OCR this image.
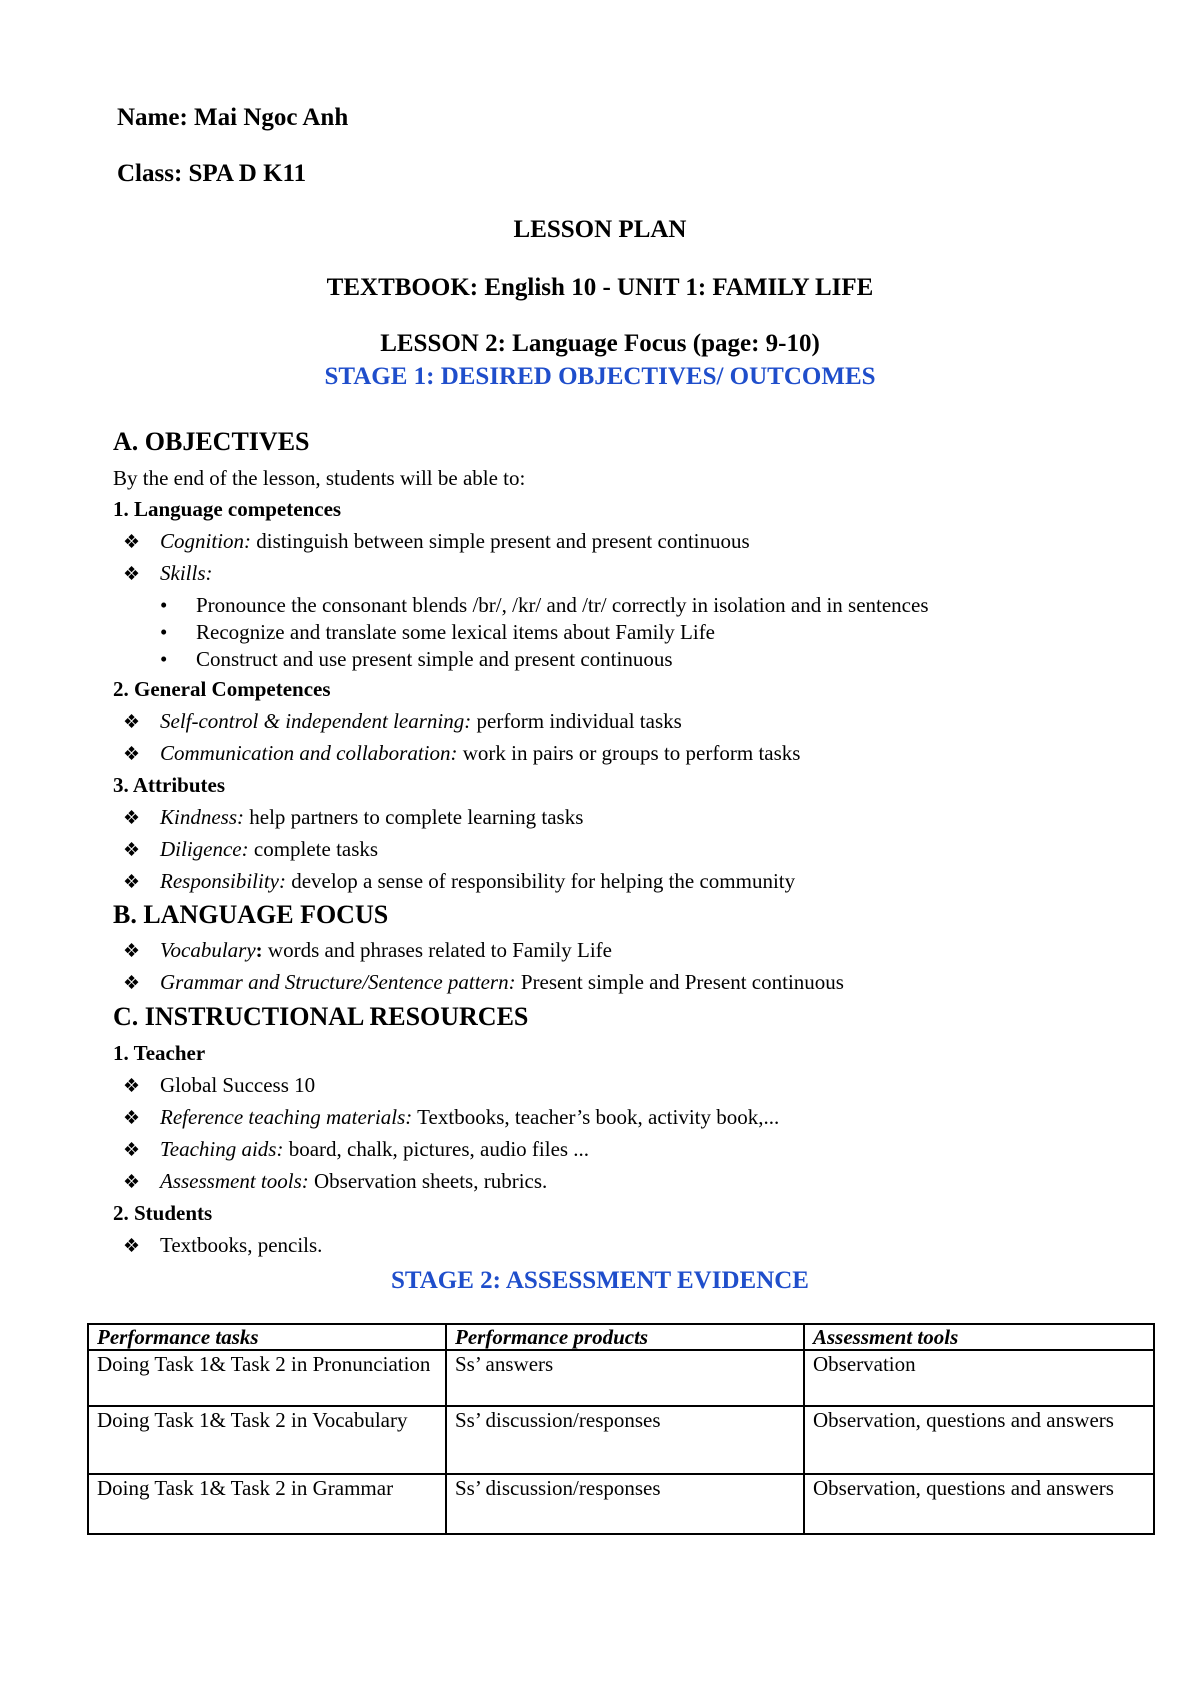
Name: Mai Ngoc Anh
Class: SPA D K11
LESSON PLAN
TEXTBOOK: English 10 - UNIT 1: FAMILY LIFE
LESSON 2: Language Focus (page: 9-10)
STAGE 1: DESIRED OBJECTIVES/ OUTCOMES
A. OBJECTIVES
By the end of the lesson, students will be able to:
1. Language competences
❖ Cognition: distinguish between simple present and present continuous
❖ Skills:
• Pronounce the consonant blends /br/, /kr/ and /tr/ correctly in isolation and in sentences
• Recognize and translate some lexical items about Family Life
• Construct and use present simple and present continuous
2. General Competences
❖ Self-control & independent learning: perform individual tasks
❖ Communication and collaboration: work in pairs or groups to perform tasks
3. Attributes
❖ Kindness: help partners to complete learning tasks
❖ Diligence: complete tasks
❖ Responsibility: develop a sense of responsibility for helping the community
B. LANGUAGE FOCUS
❖ Vocabulary: words and phrases related to Family Life
❖ Grammar and Structure/Sentence pattern: Present simple and Present continuous
C. INSTRUCTIONAL RESOURCES
1. Teacher
❖ Global Success 10
❖ Reference teaching materials: Textbooks, teacher’s book, activity book,...
❖ Teaching aids: board, chalk, pictures, audio files ...
❖ Assessment tools: Observation sheets, rubrics.
2. Students
❖ Textbooks, pencils.
STAGE 2: ASSESSMENT EVIDENCE
Performance tasks	Performance products	Assessment tools
Doing Task 1& Task 2 in Pronunciation	Ss’ answers	Observation
Doing Task 1& Task 2 in Vocabulary	Ss’ discussion/responses	Observation, questions and answers
Doing Task 1& Task 2 in Grammar	Ss’ discussion/responses	Observation, questions and answers
